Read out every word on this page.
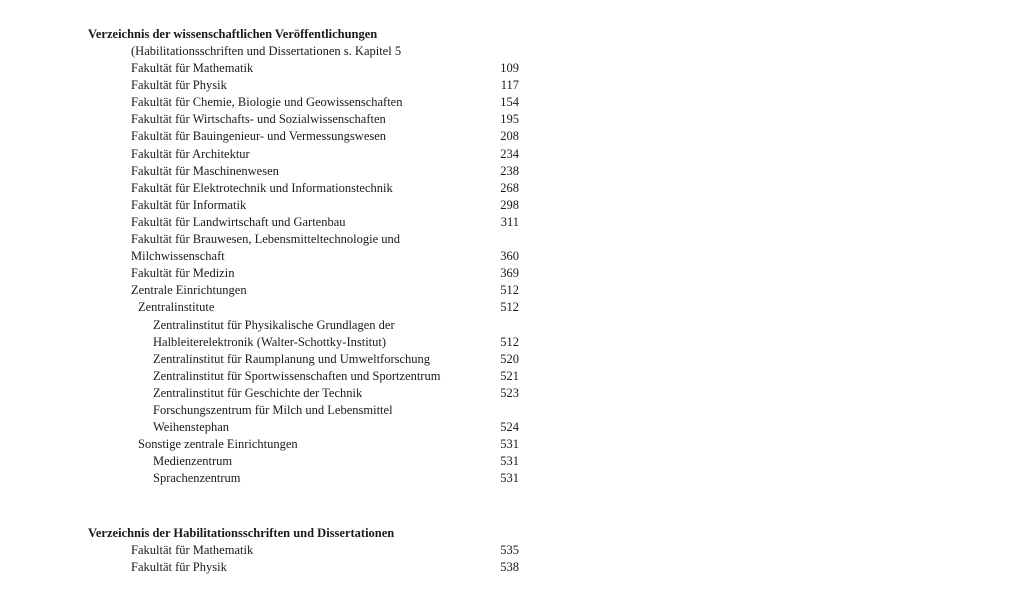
Verzeichnis der wissenschaftlichen Veröffentlichungen
(Habilitationsschriften und Dissertationen s. Kapitel 5
Fakultät für Mathematik	109
Fakultät für Physik	117
Fakultät für Chemie, Biologie und Geowissenschaften	154
Fakultät für Wirtschafts- und Sozialwissenschaften	195
Fakultät für Bauingenieur- und Vermessungswesen	208
Fakultät für Architektur	234
Fakultät für Maschinenwesen	238
Fakultät für Elektrotechnik und Informationstechnik	268
Fakultät für Informatik	298
Fakultät für Landwirtschaft und Gartenbau	311
Fakultät für Brauwesen, Lebensmitteltechnologie und
Milchwissenschaft	360
Fakultät für Medizin	369
Zentrale Einrichtungen	512
Zentralinstitute	512
Zentralinstitut für Physikalische Grundlagen der
Halbleiterelektronik (Walter-Schottky-Institut)	512
Zentralinstitut für Raumplanung und Umweltforschung	520
Zentralinstitut für Sportwissenschaften und Sportzentrum	521
Zentralinstitut für Geschichte der Technik	523
Forschungszentrum für Milch und Lebensmittel
Weihenstephan	524
Sonstige zentrale Einrichtungen	531
Medienzentrum	531
Sprachenzentrum	531
Verzeichnis der Habilitationsschriften und Dissertationen
Fakultät für Mathematik	535
Fakultät für Physik	538
